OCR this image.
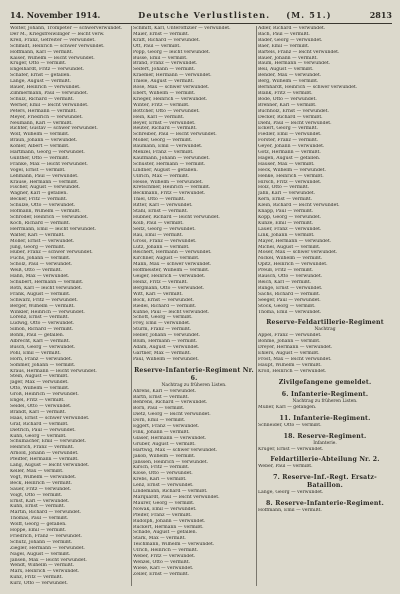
14. November 1914.	Deutsche Verlustlisten. (M. 51.)	2813
Wolter, Johann, Trompeter — schwerverwundet.
Der M., Kriegsfreiwilliger — leicht verw.
Krell, Franz, Gefreiter — verwundet.
Schmidt, Heinrich — schwer verwundet.
Hoffmann, Karl — vermißt.
Kaiser, Wilhelm — leicht verwundet.
Krüger, Otto — vermißt.
Engelhardt, Fritz — verwundet.
Schäfer, Ernst — gefallen.
Lange, August — vermißt.
Bauer, Heinrich — verwundet.
Zimmermann, Paul — verwundet.
Schulz, Richard — vermißt.
Werner, Emil — leicht verwundet.
Peters, Hermann — vermißt.
Meyer, Friedrich — verwundet.
Neumann, Karl — vermißt.
Richter, Gustav — schwer verwundet.
Wolf, Wilhelm — vermißt.
Braun, Johann — verwundet.
Köhler, Albert — vermißt.
Hartmann, Georg — verwundet.
Günther, Otto — vermißt.
Franke, Max — leicht verwundet.
Vogel, Ernst — vermißt.
Lehmann, Paul — verwundet.
Krause, Hermann — vermißt.
Fischer, August — verwundet.
Wagner, Karl — gefallen.
Becker, Fritz — vermißt.
Schulze, Otto — verwundet.
Hofmann, Wilhelm — vermißt.
Schröder, Heinrich — verwundet.
Koch, Richard — vermißt.
Herrmann, Emil — leicht verwundet.
Walter, Karl — vermißt.
Möller, Ernst — verwundet.
Jung, Georg — vermißt.
Huber, Franz — schwer verwundet.
Fuchs, Johann — vermißt.
Scholz, Paul — verwundet.
Weiß, Otto — vermißt.
Hahn, Max — verwundet.
Schubert, Hermann — vermißt.
Roth, Karl — leicht verwundet.
Frank, August — vermißt.
Schwarz, Fritz — verwundet.
Berger, Wilhelm — vermißt.
Winkler, Heinrich — verwundet.
Lorenz, Ernst — vermißt.
Ludwig, Otto — verwundet.
Simon, Richard — vermißt.
Böhm, Paul — gefallen.
Albrecht, Karl — vermißt.
Busch, Georg — verwundet.
Pohl, Emil — vermißt.
Horn, Franz — verwundet.
Sommer, Johann — vermißt.
Kraus, Hermann — leicht verwundet.
Stein, August — vermißt.
Jäger, Max — verwundet.
Otto, Wilhelm — vermißt.
Groß, Heinrich — verwundet.
Engel, Fritz — vermißt.
Seidel, Otto — verwundet.
Brandt, Karl — vermißt.
Haas, Ernst — schwer verwundet.
Graf, Richard — vermißt.
Dietrich, Paul — verwundet.
Kühn, Georg — vermißt.
Schumacher, Emil — verwundet.
Heinrich, Franz — vermißt.
Arnold, Johann — verwundet.
Pfeiffer, Hermann — vermißt.
Lang, August — leicht verwundet.
Keller, Max — vermißt.
Vogt, Wilhelm — verwundet.
Beck, Heinrich — vermißt.
Sauer, Fritz — verwundet.
Voigt, Otto — vermißt.
Ernst, Karl — verwundet.
Kuhn, Ernst — vermißt.
Martin, Richard — verwundet.
Thomas, Paul — vermißt.
Wolff, Georg — gefallen.
Hoppe, Emil — vermißt.
Friedrich, Franz — verwundet.
Schütz, Johann — vermißt.
Ziegler, Hermann — verwundet.
Nagel, August — vermißt.
Jansen, Max — leicht verwundet.
Wendt, Wilhelm — vermißt.
Marx, Heinrich — verwundet.
Kunz, Fritz — vermißt.
Kurz, Otto — verwundet.
Schmitt, Karl, Unteroffizier — verwundet.
Maier, Ernst — vermißt.
Kraft, Richard — verwundet.
Ott, Paul — vermißt.
Popp, Georg — leicht verwundet.
Busse, Emil — vermißt.
Brand, Franz — verwundet.
Seifert, Johann — vermißt.
Kraemer, Hermann — verwundet.
Thiele, August — vermißt.
Rose, Max — schwer verwundet.
Ebert, Wilhelm — vermißt.
Krieger, Heinrich — verwundet.
Winter, Fritz — vermißt.
Böttcher, Otto — verwundet.
Hein, Karl — vermißt.
Beyer, Ernst — verwundet.
Reuter, Richard — vermißt.
Schreiber, Paul — leicht verwundet.
Möller, Georg — vermißt.
Baumann, Emil — verwundet.
Menzel, Franz — vermißt.
Kaufmann, Johann — verwundet.
Schuster, Hermann — vermißt.
Lindner, August — gefallen.
Ullrich, Max — vermißt.
Hesse, Wilhelm — verwundet.
Kretschmer, Heinrich — vermißt.
Beckmann, Fritz — verwundet.
Thiel, Otto — vermißt.
Ritter, Karl — verwundet.
Stahl, Ernst — vermißt.
Hübner, Richard — leicht verwundet.
Kolb, Paul — vermißt.
Seitz, Georg — verwundet.
Rau, Emil — vermißt.
Gross, Franz — verwundet.
Lutz, Johann — vermißt.
Reichert, Hermann — verwundet.
Kirchner, August — vermißt.
Mann, Max — schwer verwundet.
Hoffmeister, Wilhelm — vermißt.
Geiger, Heinrich — verwundet.
Heinz, Fritz — vermißt.
Bergmann, Otto — verwundet.
Witt, Karl — vermißt.
Bock, Ernst — verwundet.
Riedel, Richard — vermißt.
Kühne, Paul — leicht verwundet.
Schott, Georg — vermißt.
Frey, Emil — verwundet.
Sturm, Franz — vermißt.
Heller, Johann — verwundet.
Blum, Hermann — vermißt.
Adam, August — verwundet.
Gärtner, Max — vermißt.
Paul, Wilhelm — verwundet.
Reserve-Infanterie-Regiment Nr. 6.
Nachtrag zu früheren Listen.
Ahrens, Karl — verwundet.
Barth, Ernst — vermißt.
Behrens, Richard — verwundet.
Born, Paul — vermißt.
Dietz, Georg — leicht verwundet.
Dorn, Emil — vermißt.
Eggert, Franz — verwundet.
Fink, Johann — vermißt.
Glaser, Hermann — verwundet.
Gruber, August — vermißt.
Hartwig, Max — schwer verwundet.
Jakob, Wilhelm — vermißt.
Janssen, Heinrich — verwundet.
Kirsch, Fritz — vermißt.
Klose, Otto — verwundet.
Krebs, Karl — vermißt.
Lenz, Ernst — verwundet.
Lindemann, Richard — vermißt.
Marquardt, Paul — leicht verwundet.
Maurer, Georg — vermißt.
Nowak, Emil — verwundet.
Pfeifer, Franz — vermißt.
Rudolph, Johann — verwundet.
Rückert, Hermann — vermißt.
Schade, August — gefallen.
Stark, Max — vermißt.
Teichmann, Wilhelm — verwundet.
Ulrich, Heinrich — vermißt.
Weber, Fritz — verwundet.
Wenzel, Otto — vermißt.
Wiese, Karl — verwundet.
Zeller, Ernst — vermißt.
Adler, Richard — verwundet.
Bach, Paul — vermißt.
Bader, Georg — verwundet.
Baer, Emil — vermißt.
Bartels, Franz — leicht verwundet.
Bauer, Johann — vermißt.
Baum, Hermann — verwundet.
Beil, August — vermißt.
Bender, Max — verwundet.
Berg, Wilhelm — vermißt.
Bernhardt, Heinrich — schwer verwundet.
Blank, Fritz — vermißt.
Bode, Otto — verwundet.
Brenner, Karl — vermißt.
Buchholz, Ernst — verwundet.
Decker, Richard — vermißt.
Diehl, Paul — leicht verwundet.
Eckert, Georg — vermißt.
Fiedler, Emil — verwundet.
Förster, Franz — vermißt.
Geyer, Johann — verwundet.
Götz, Hermann — vermißt.
Hagen, August — gefallen.
Hauser, Max — vermißt.
Heck, Wilhelm — verwundet.
Henke, Heinrich — vermißt.
Hirsch, Fritz — verwundet.
Holz, Otto — vermißt.
Jahn, Karl — verwundet.
Kern, Ernst — vermißt.
Klein, Richard — leicht verwundet.
Knapp, Paul — vermißt.
Kopp, Georg — verwundet.
Kunze, Emil — vermißt.
Lauer, Franz — verwundet.
Link, Johann — vermißt.
Mayer, Hermann — verwundet.
Michel, August — vermißt.
Moser, Max — schwer verwundet.
Nickel, Wilhelm — vermißt.
Opitz, Heinrich — verwundet.
Preuß, Fritz — vermißt.
Rausch, Otto — verwundet.
Reich, Karl — vermißt.
Runge, Ernst — verwundet.
Sachs, Richard — vermißt.
Seeger, Paul — verwundet.
Stock, Georg — vermißt.
Thoma, Emil — verwundet.
Reserve-Feldartillerie-Regiment
Nachtrag
Appel, Franz — verwundet.
Böhme, Johann — vermißt.
Dreyer, Hermann — verwundet.
Ehlers, August — vermißt.
Frost, Max — leicht verwundet.
Haupt, Wilhelm — vermißt.
Kroll, Heinrich — verwundet.
Zivilgefangene gemeldet.
6. Infanterie-Regiment.
Nachtrag zu früheren Listen.
Müller, Karl — gefangen.
11. Infanterie-Regiment.
Schneider, Otto — vermißt.
18. Reserve-Regiment.
Infanterie.
Krüger, Ernst — verwundet.
Feldartillerie-Abteilung Nr. 2.
Weber, Paul — vermißt.
7. Reserve-Inf.-Regt. Ersatz-Bataillon.
Lange, Georg — verwundet.
8. Reserve-Infanterie-Regiment.
Hoffmann, Emil — vermißt.
